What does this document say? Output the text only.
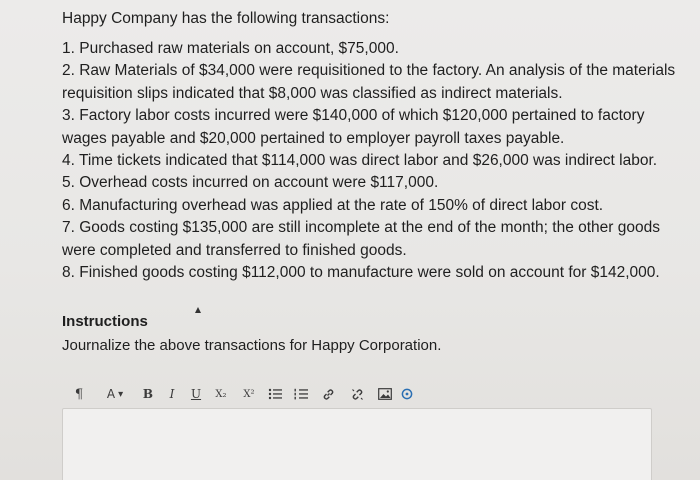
Happy Company has the following transactions:

1. Purchased raw materials on account, $75,000.
2. Raw Materials of $34,000 were requisitioned to the factory. An analysis of the materials requisition slips indicated that $8,000 was classified as indirect materials.
3. Factory labor costs incurred were $140,000 of which $120,000 pertained to factory wages payable and $20,000 pertained to employer payroll taxes payable.
4. Time tickets indicated that $114,000 was direct labor and $26,000 was indirect labor.
5. Overhead costs incurred on account were $117,000.
6. Manufacturing overhead was applied at the rate of 150% of direct labor cost.
7. Goods costing $135,000 are still incomplete at the end of the month; the other goods were completed and transferred to finished goods.
8. Finished goods costing $112,000 to manufacture were sold on account for $142,000.
Instructions
Journalize the above transactions for Happy Corporation.
¶ A ▾	B	I	U	X₂	X²
